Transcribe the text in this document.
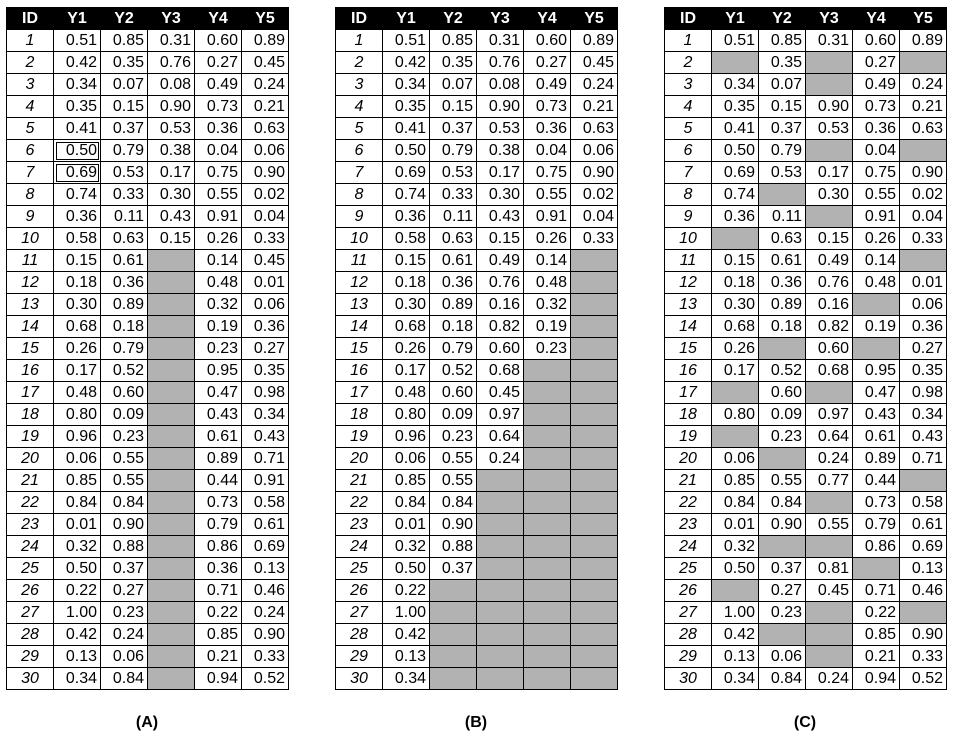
ID	Y1	Y2	Y3	Y4	Y5
1	0.51	0.85	0.31	0.60	0.89
2	0.42	0.35	0.76	0.27	0.45
3	0.34	0.07	0.08	0.49	0.24
4	0.35	0.15	0.90	0.73	0.21
5	0.41	0.37	0.53	0.36	0.63
6	0.50	0.79	0.38	0.04	0.06
7	0.69	0.53	0.17	0.75	0.90
8	0.74	0.33	0.30	0.55	0.02
9	0.36	0.11	0.43	0.91	0.04
10	0.58	0.63	0.15	0.26	0.33
11	0.15	0.61		0.14	0.45
12	0.18	0.36		0.48	0.01
13	0.30	0.89		0.32	0.06
14	0.68	0.18		0.19	0.36
15	0.26	0.79		0.23	0.27
16	0.17	0.52		0.95	0.35
17	0.48	0.60		0.47	0.98
18	0.80	0.09		0.43	0.34
19	0.96	0.23		0.61	0.43
20	0.06	0.55		0.89	0.71
21	0.85	0.55		0.44	0.91
22	0.84	0.84		0.73	0.58
23	0.01	0.90		0.79	0.61
24	0.32	0.88		0.86	0.69
25	0.50	0.37		0.36	0.13
26	0.22	0.27		0.71	0.46
27	1.00	0.23		0.22	0.24
28	0.42	0.24		0.85	0.90
29	0.13	0.06		0.21	0.33
30	0.34	0.84		0.94	0.52
ID	Y1	Y2	Y3	Y4	Y5
1	0.51	0.85	0.31	0.60	0.89
2	0.42	0.35	0.76	0.27	0.45
3	0.34	0.07	0.08	0.49	0.24
4	0.35	0.15	0.90	0.73	0.21
5	0.41	0.37	0.53	0.36	0.63
6	0.50	0.79	0.38	0.04	0.06
7	0.69	0.53	0.17	0.75	0.90
8	0.74	0.33	0.30	0.55	0.02
9	0.36	0.11	0.43	0.91	0.04
10	0.58	0.63	0.15	0.26	0.33
11	0.15	0.61	0.49	0.14	
12	0.18	0.36	0.76	0.48	
13	0.30	0.89	0.16	0.32	
14	0.68	0.18	0.82	0.19	
15	0.26	0.79	0.60	0.23	
16	0.17	0.52	0.68		
17	0.48	0.60	0.45		
18	0.80	0.09	0.97		
19	0.96	0.23	0.64		
20	0.06	0.55	0.24		
21	0.85	0.55			
22	0.84	0.84			
23	0.01	0.90			
24	0.32	0.88			
25	0.50	0.37			
26	0.22				
27	1.00				
28	0.42				
29	0.13				
30	0.34				
ID	Y1	Y2	Y3	Y4	Y5
1	0.51	0.85	0.31	0.60	0.89
2		0.35		0.27	
3	0.34	0.07		0.49	0.24
4	0.35	0.15	0.90	0.73	0.21
5	0.41	0.37	0.53	0.36	0.63
6	0.50	0.79		0.04	
7	0.69	0.53	0.17	0.75	0.90
8	0.74		0.30	0.55	0.02
9	0.36	0.11		0.91	0.04
10		0.63	0.15	0.26	0.33
11	0.15	0.61	0.49	0.14	
12	0.18	0.36	0.76	0.48	0.01
13	0.30	0.89	0.16		0.06
14	0.68	0.18	0.82	0.19	0.36
15	0.26		0.60		0.27
16	0.17	0.52	0.68	0.95	0.35
17		0.60		0.47	0.98
18	0.80	0.09	0.97	0.43	0.34
19		0.23	0.64	0.61	0.43
20	0.06		0.24	0.89	0.71
21	0.85	0.55	0.77	0.44	
22	0.84	0.84		0.73	0.58
23	0.01	0.90	0.55	0.79	0.61
24	0.32			0.86	0.69
25	0.50	0.37	0.81		0.13
26		0.27	0.45	0.71	0.46
27	1.00	0.23		0.22	
28	0.42			0.85	0.90
29	0.13	0.06		0.21	0.33
30	0.34	0.84	0.24	0.94	0.52
(A)	(B)	(C)
